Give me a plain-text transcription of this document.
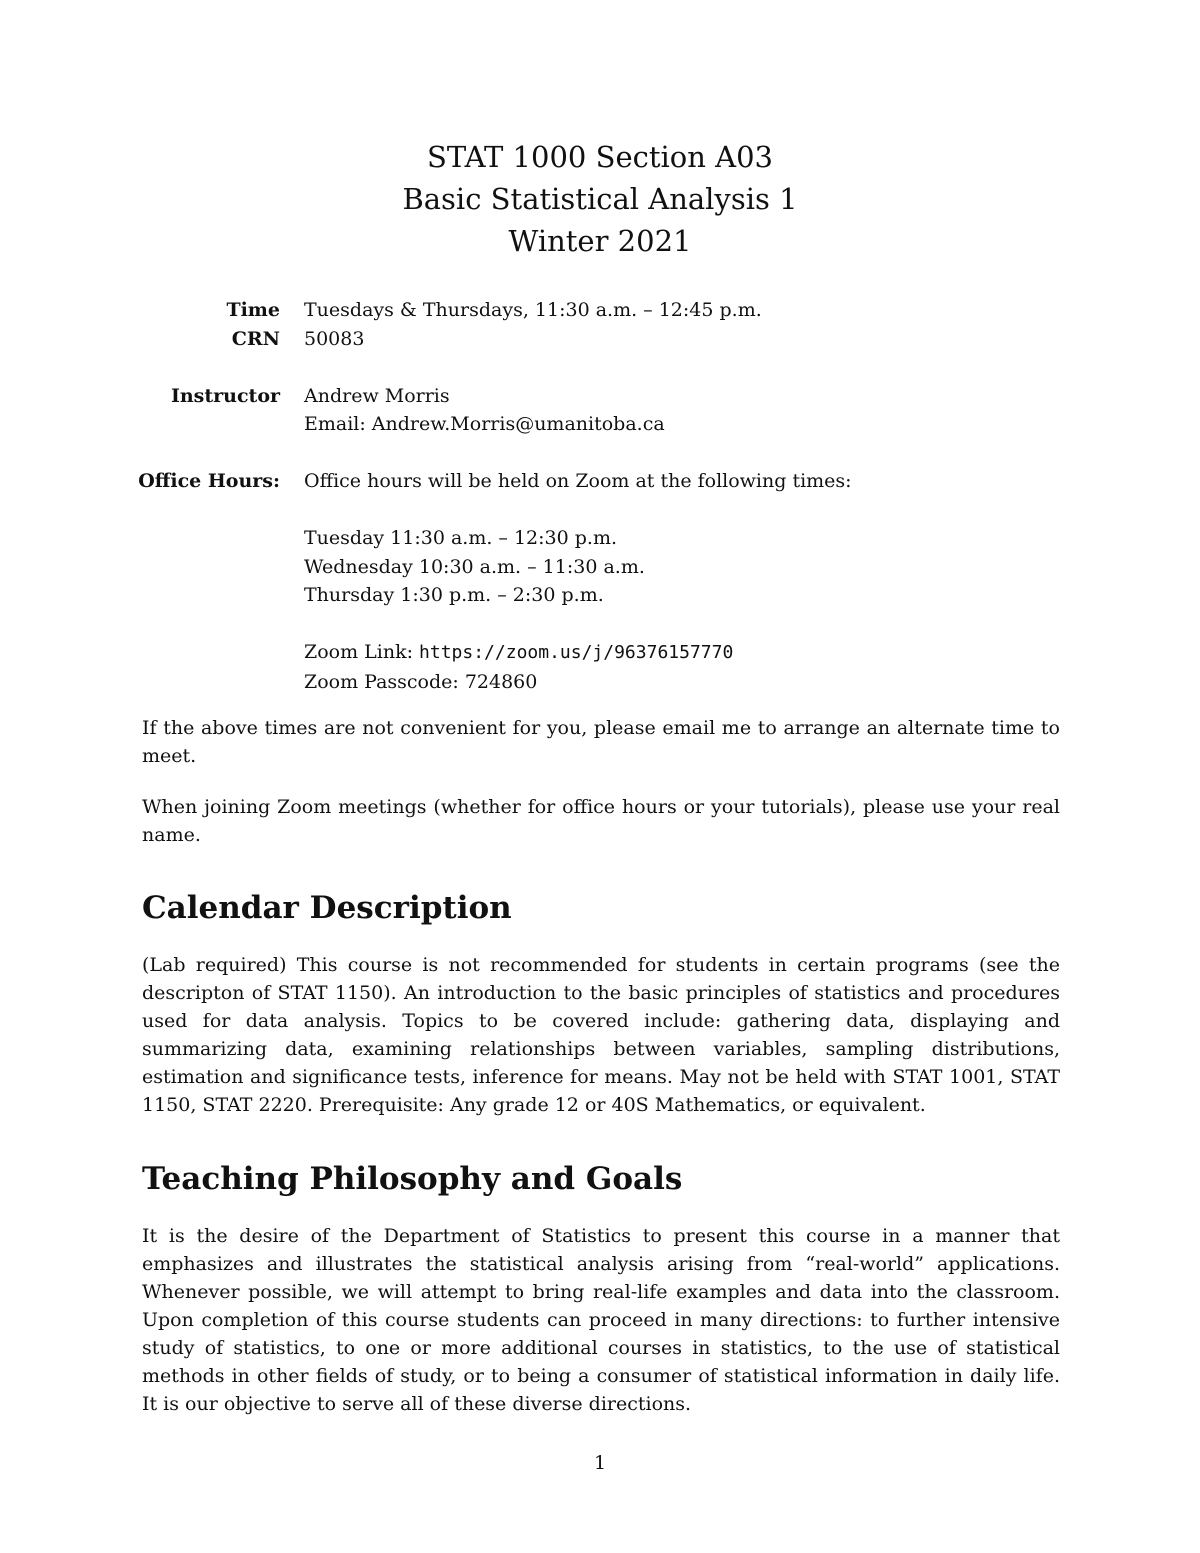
STAT 1000 Section A03
Basic Statistical Analysis 1
Winter 2021
Time	Tuesdays & Thursdays, 11:30 a.m. – 12:45 p.m.
CRN	50083
Instructor	Andrew Morris
Email: Andrew.Morris@umanitoba.ca
Office Hours:	Office hours will be held on Zoom at the following times:
Tuesday 11:30 a.m. – 12:30 p.m.
Wednesday 10:30 a.m. – 11:30 a.m.
Thursday 1:30 p.m. – 2:30 p.m.
Zoom Link: https://zoom.us/j/96376157770
Zoom Passcode: 724860

If the above times are not convenient for you, please email me to arrange an alternate time to meet.

When joining Zoom meetings (whether for office hours or your tutorials), please use your real name.

Calendar Description

(Lab required) This course is not recommended for students in certain programs (see the descripton of STAT 1150). An introduction to the basic principles of statistics and procedures used for data analysis. Topics to be covered include: gathering data, displaying and summarizing data, examining relationships between variables, sampling distributions, estimation and significance tests, inference for means. May not be held with STAT 1001, STAT 1150, STAT 2220. Prerequisite: Any grade 12 or 40S Mathematics, or equivalent.

Teaching Philosophy and Goals

It is the desire of the Department of Statistics to present this course in a manner that emphasizes and illustrates the statistical analysis arising from “real-world” applications. Whenever possible, we will attempt to bring real-life examples and data into the classroom. Upon completion of this course students can proceed in many directions: to further intensive study of statistics, to one or more additional courses in statistics, to the use of statistical methods in other fields of study, or to being a consumer of statistical information in daily life. It is our objective to serve all of these diverse directions.

1
